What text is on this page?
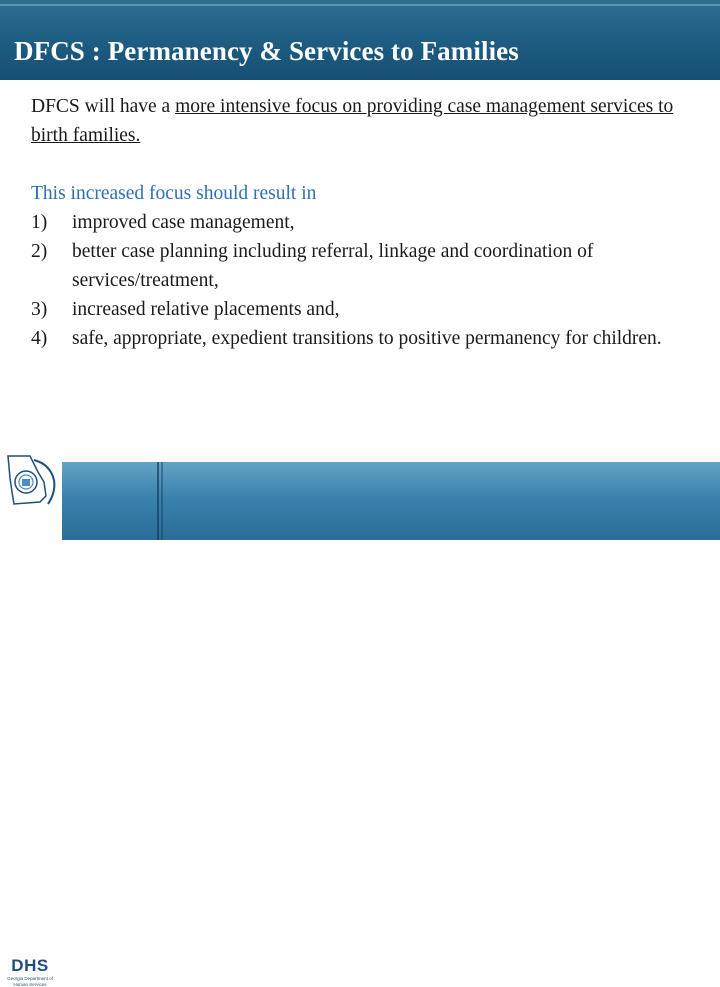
DFCS : Permanency & Services to Families

DFCS will have a more intensive focus on providing case management services to birth families.

This increased focus should result in

1) improved case management,
2) better case planning including referral, linkage and coordination of services/treatment,
3) increased relative placements and,
4) safe, appropriate, expedient transitions to positive permanency for children.
DHS
Georgia Department of Human Services
